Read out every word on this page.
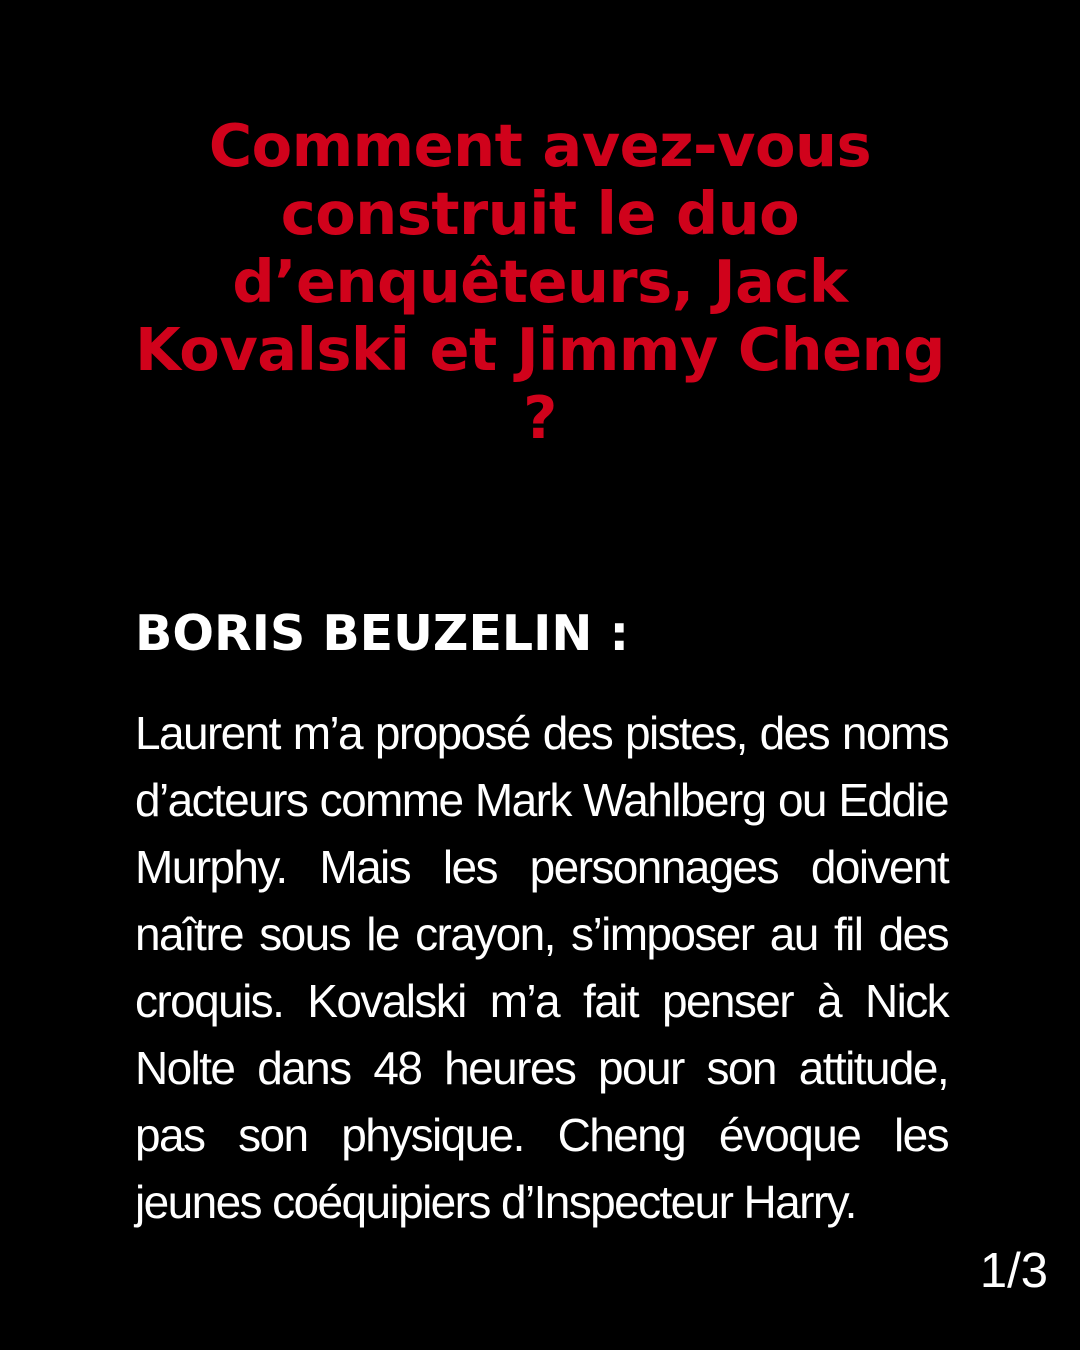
Comment avez-vous construit le duo d’enquêteurs, Jack Kovalski et Jimmy Cheng ?
BORIS BEUZELIN :

Laurent m’a proposé des pistes, des noms d’acteurs comme Mark Wahlberg ou Eddie Murphy. Mais les personnages doivent naître sous le crayon, s’imposer au fil des croquis. Kovalski m’a fait penser à Nick Nolte dans 48 heures pour son attitude, pas son physique. Cheng évoque les jeunes coéquipiers d’Inspecteur Harry.

1/3
